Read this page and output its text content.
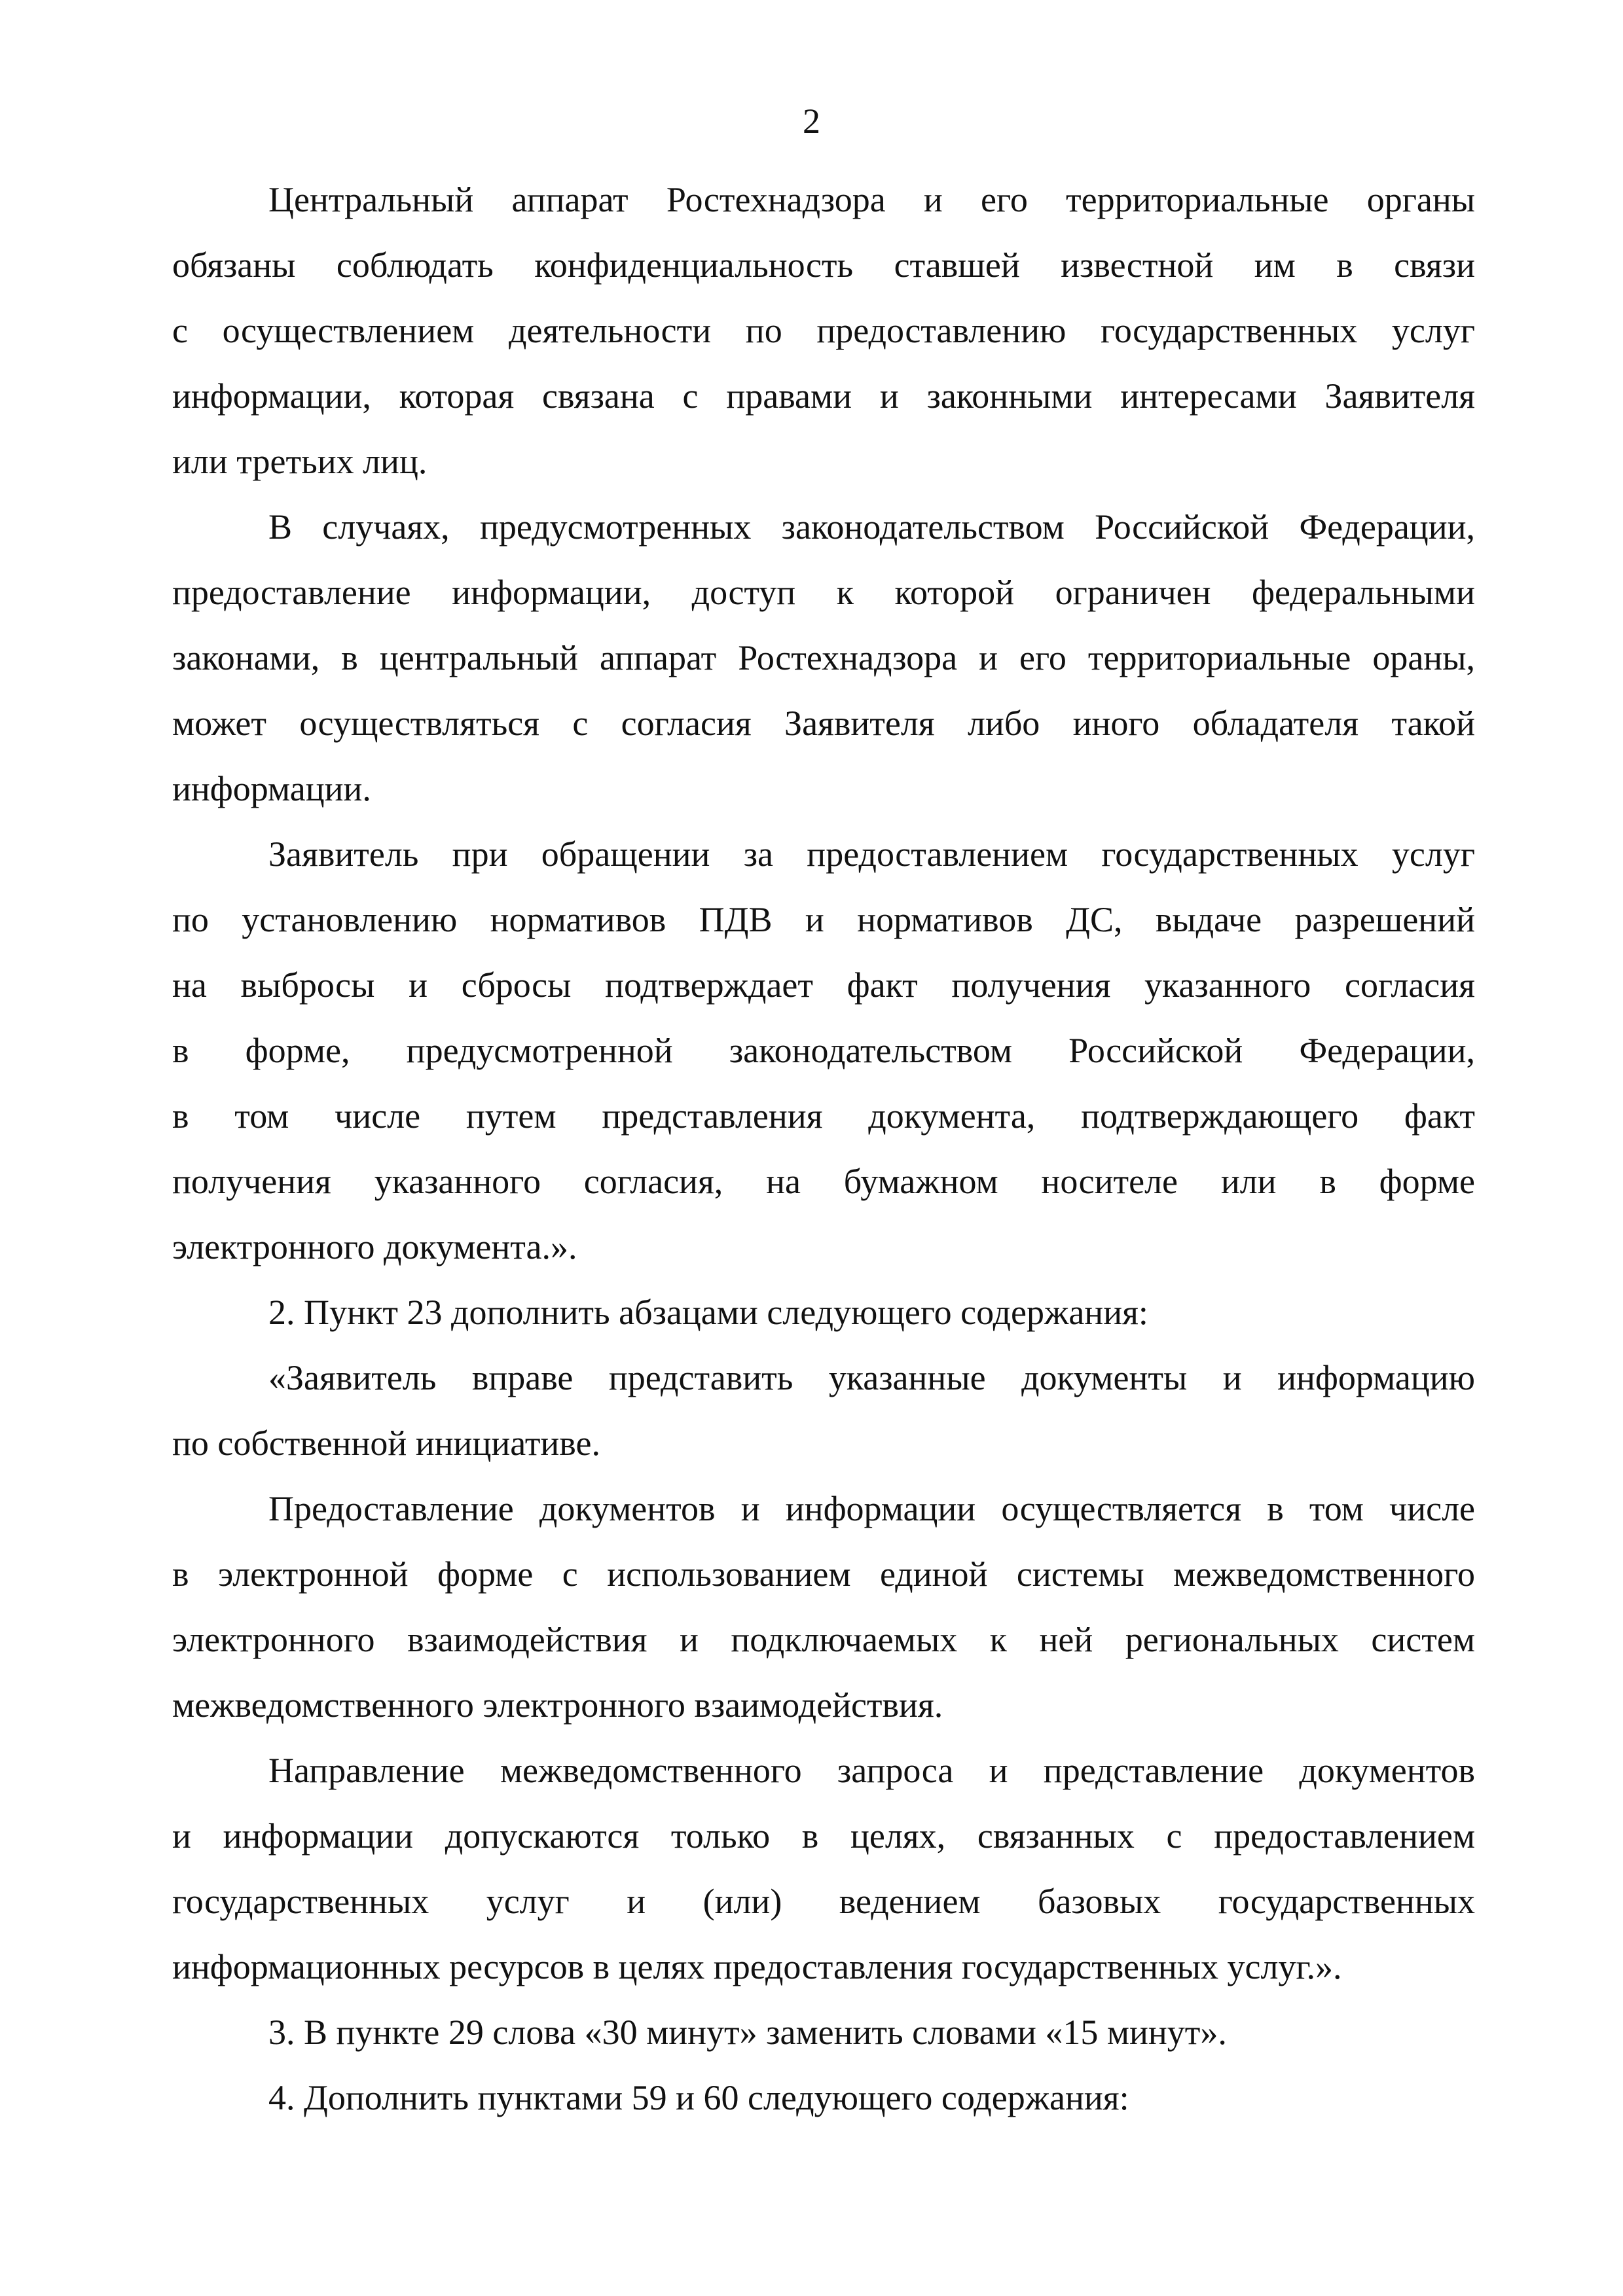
2
Центральный аппарат Ростехнадзора и его территориальные органы
обязаны соблюдать конфиденциальность ставшей известной им в связи
с осуществлением деятельности по предоставлению государственных услуг
информации, которая связана с правами и законными интересами Заявителя
или третьих лиц.
В случаях, предусмотренных законодательством Российской Федерации,
предоставление информации, доступ к которой ограничен федеральными
законами, в центральный аппарат Ростехнадзора и его территориальные ораны,
может осуществляться с согласия Заявителя либо иного обладателя такой
информации.
Заявитель при обращении за предоставлением государственных услуг
по установлению нормативов ПДВ и нормативов ДС, выдаче разрешений
на выбросы и сбросы подтверждает факт получения указанного согласия
в форме, предусмотренной законодательством Российской Федерации,
в том числе путем представления документа, подтверждающего факт
получения указанного согласия, на бумажном носителе или в форме
электронного документа.».
2. Пункт 23 дополнить абзацами следующего содержания:
«Заявитель вправе представить указанные документы и информацию
по собственной инициативе.
Предоставление документов и информации осуществляется в том числе
в электронной форме с использованием единой системы межведомственного
электронного взаимодействия и подключаемых к ней региональных систем
межведомственного электронного взаимодействия.
Направление межведомственного запроса и представление документов
и информации допускаются только в целях, связанных с предоставлением
государственных услуг и (или) ведением базовых государственных
информационных ресурсов в целях предоставления государственных услуг.».
3. В пункте 29 слова «30 минут» заменить словами «15 минут».
4. Дополнить пунктами 59 и 60 следующего содержания:
